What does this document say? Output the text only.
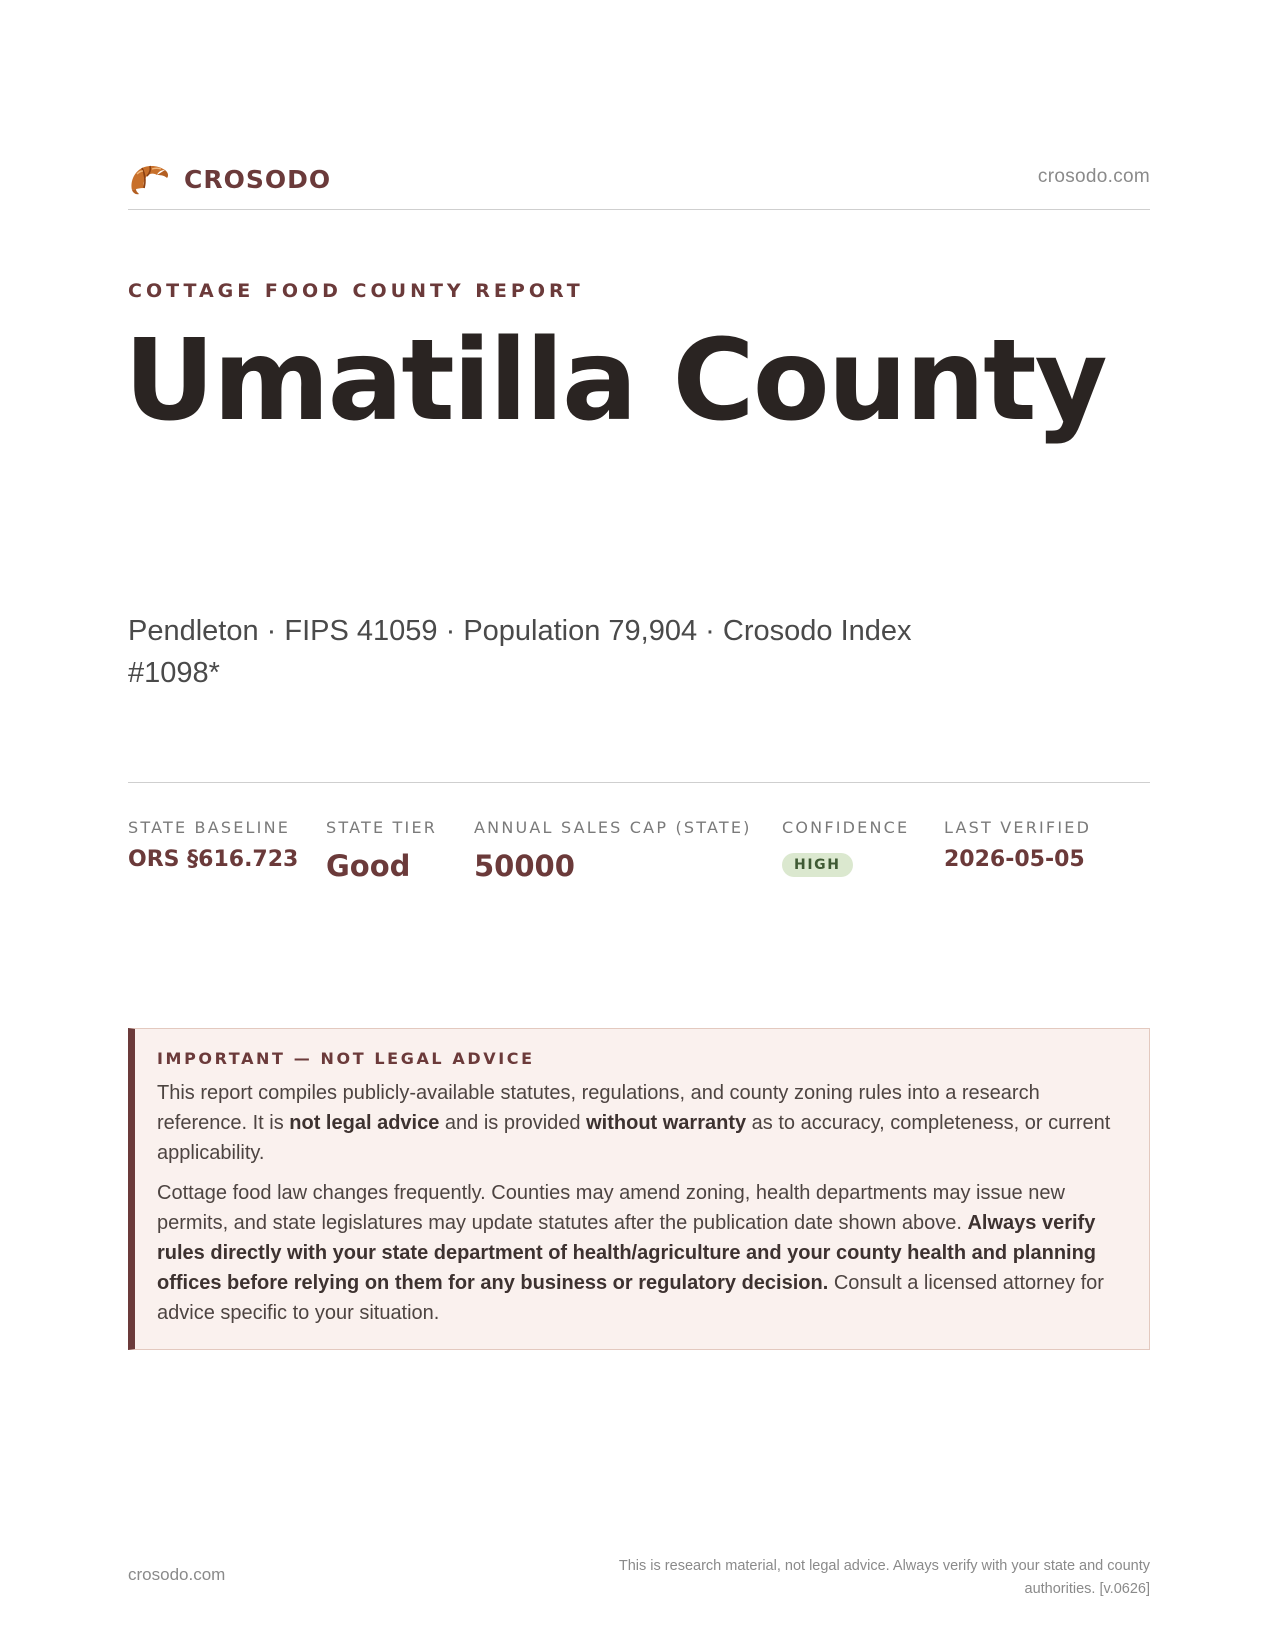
CROSODO	crosodo.com
COTTAGE FOOD COUNTY REPORT
Umatilla County
Pendleton · FIPS 41059 · Population 79,904 · Crosodo Index #1098*
STATE BASELINE
ORS §616.723
STATE TIER
Good
ANNUAL SALES CAP (STATE)
50000
CONFIDENCE
HIGH
LAST VERIFIED
2026-05-05
IMPORTANT — NOT LEGAL ADVICE

This report compiles publicly-available statutes, regulations, and county zoning rules into a research reference. It is not legal advice and is provided without warranty as to accuracy, completeness, or current applicability.

Cottage food law changes frequently. Counties may amend zoning, health departments may issue new permits, and state legislatures may update statutes after the publication date shown above. Always verify rules directly with your state department of health/agriculture and your county health and planning offices before relying on them for any business or regulatory decision. Consult a licensed attorney for advice specific to your situation.

crosodo.com	This is research material, not legal advice. Always verify with your state and county authorities. [v.0626]
